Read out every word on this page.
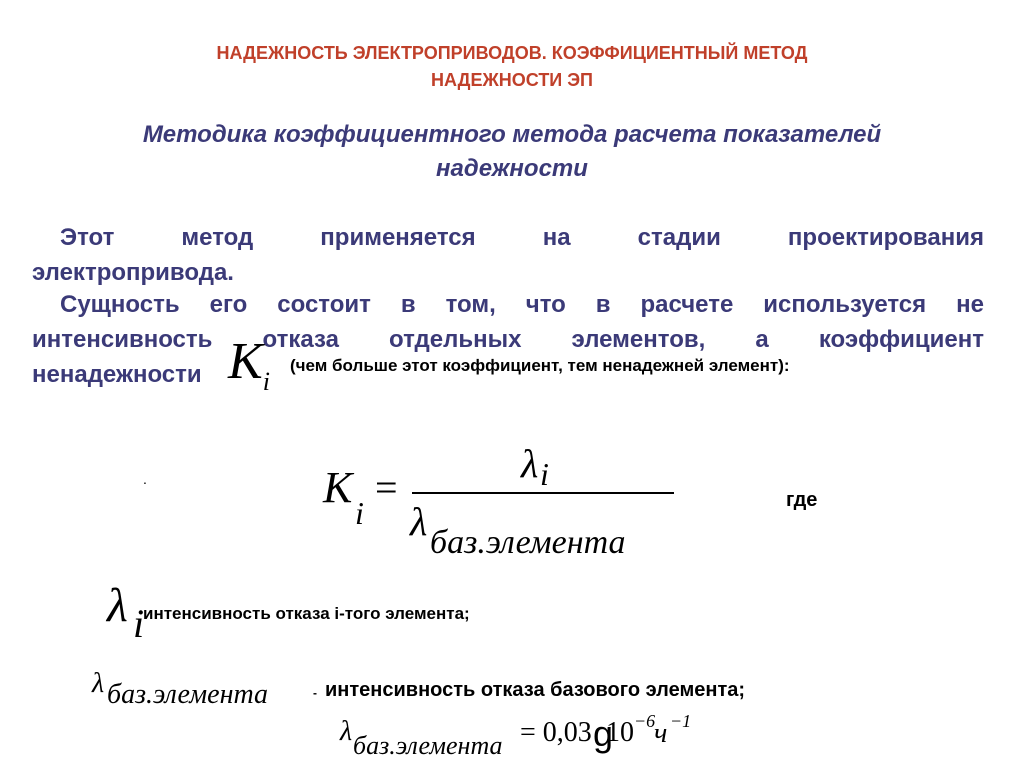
НАДЕЖНОСТЬ ЭЛЕКТРОПРИВОДОВ. КОЭФФИЦИЕНТНЫЙ МЕТОД
НАДЕЖНОСТИ ЭП
Методика коэффициентного метода расчета показателей
надежности
Этот	метод	применяется	на	стадии	проектирования
электропривода.
Сущность его состоит в том, что в расчете используется не
интенсивность отказа отдельных элементов, а коэффициент
ненадежности $K_i$
(чем больше этот коэффициент, тем ненадежней элемент):
.	K
i
=
λ i
λ баз.элемента
где
λ i
интенсивность отказа i-того элемента;
λ баз.элемента	- интенсивность отказа базового элемента;
λ баз.элемента = 0,03 g
10 −6
ч −1
